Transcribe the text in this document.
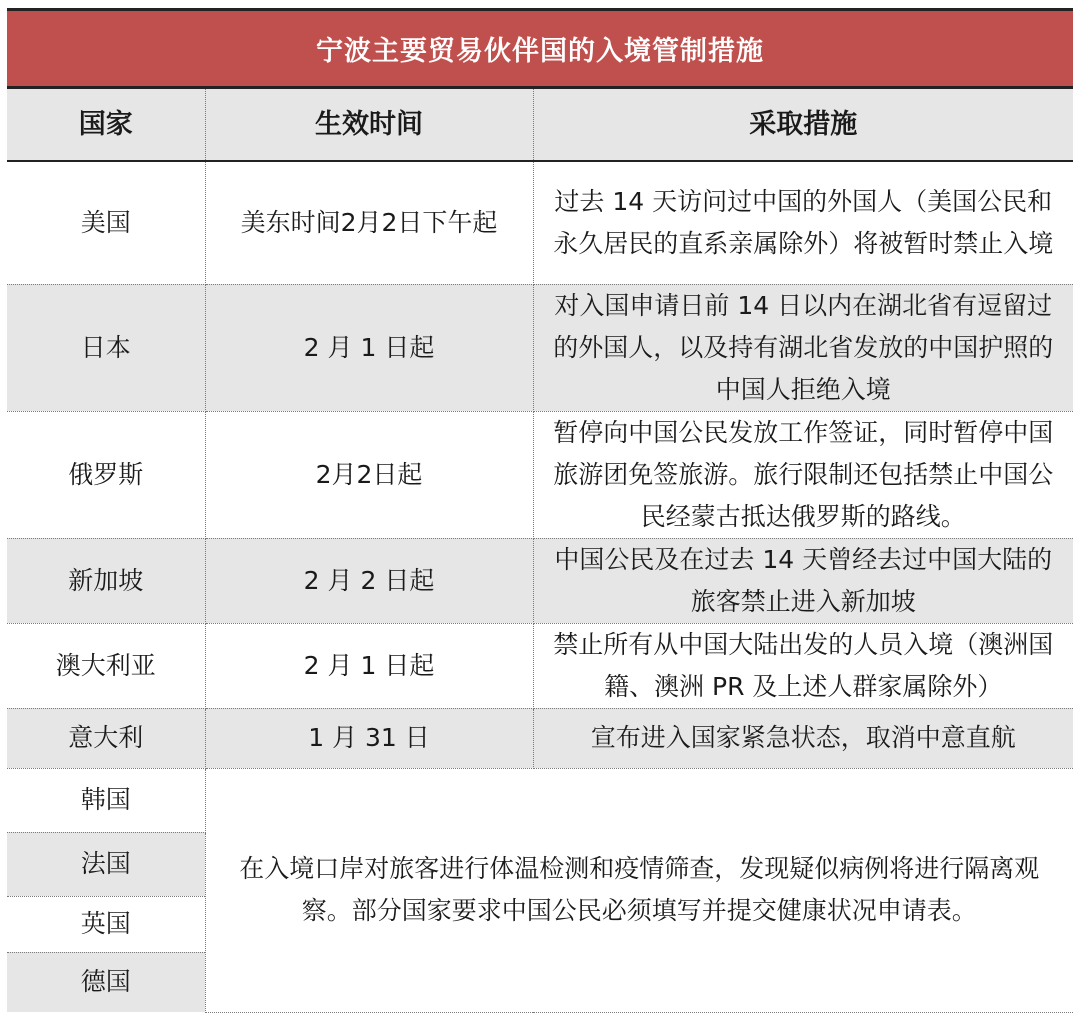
宁波主要贸易伙伴国的入境管制措施
国家	生效时间	采取措施
美国	美东时间2月2日下午起	过去 14 天访问过中国的外国人（美国公民和永久居民的直系亲属除外）将被暂时禁止入境
日本	2 月 1 日起	对入国申请日前 14 日以内在湖北省有逗留过的外国人，以及持有湖北省发放的中国护照的中国人拒绝入境
俄罗斯	2月2日起	暂停向中国公民发放工作签证，同时暂停中国旅游团免签旅游。旅行限制还包括禁止中国公民经蒙古抵达俄罗斯的路线。
新加坡	2 月 2 日起	中国公民及在过去 14 天曾经去过中国大陆的旅客禁止进入新加坡
澳大利亚	2 月 1 日起	禁止所有从中国大陆出发的人员入境（澳洲国籍、澳洲 PR 及上述人群家属除外）
意大利	1 月 31 日	宣布进入国家紧急状态，取消中意直航
韩国	在入境口岸对旅客进行体温检测和疫情筛查，发现疑似病例将进行隔离观察。部分国家要求中国公民必须填写并提交健康状况申请表。	
法国		
英国		
德国		
